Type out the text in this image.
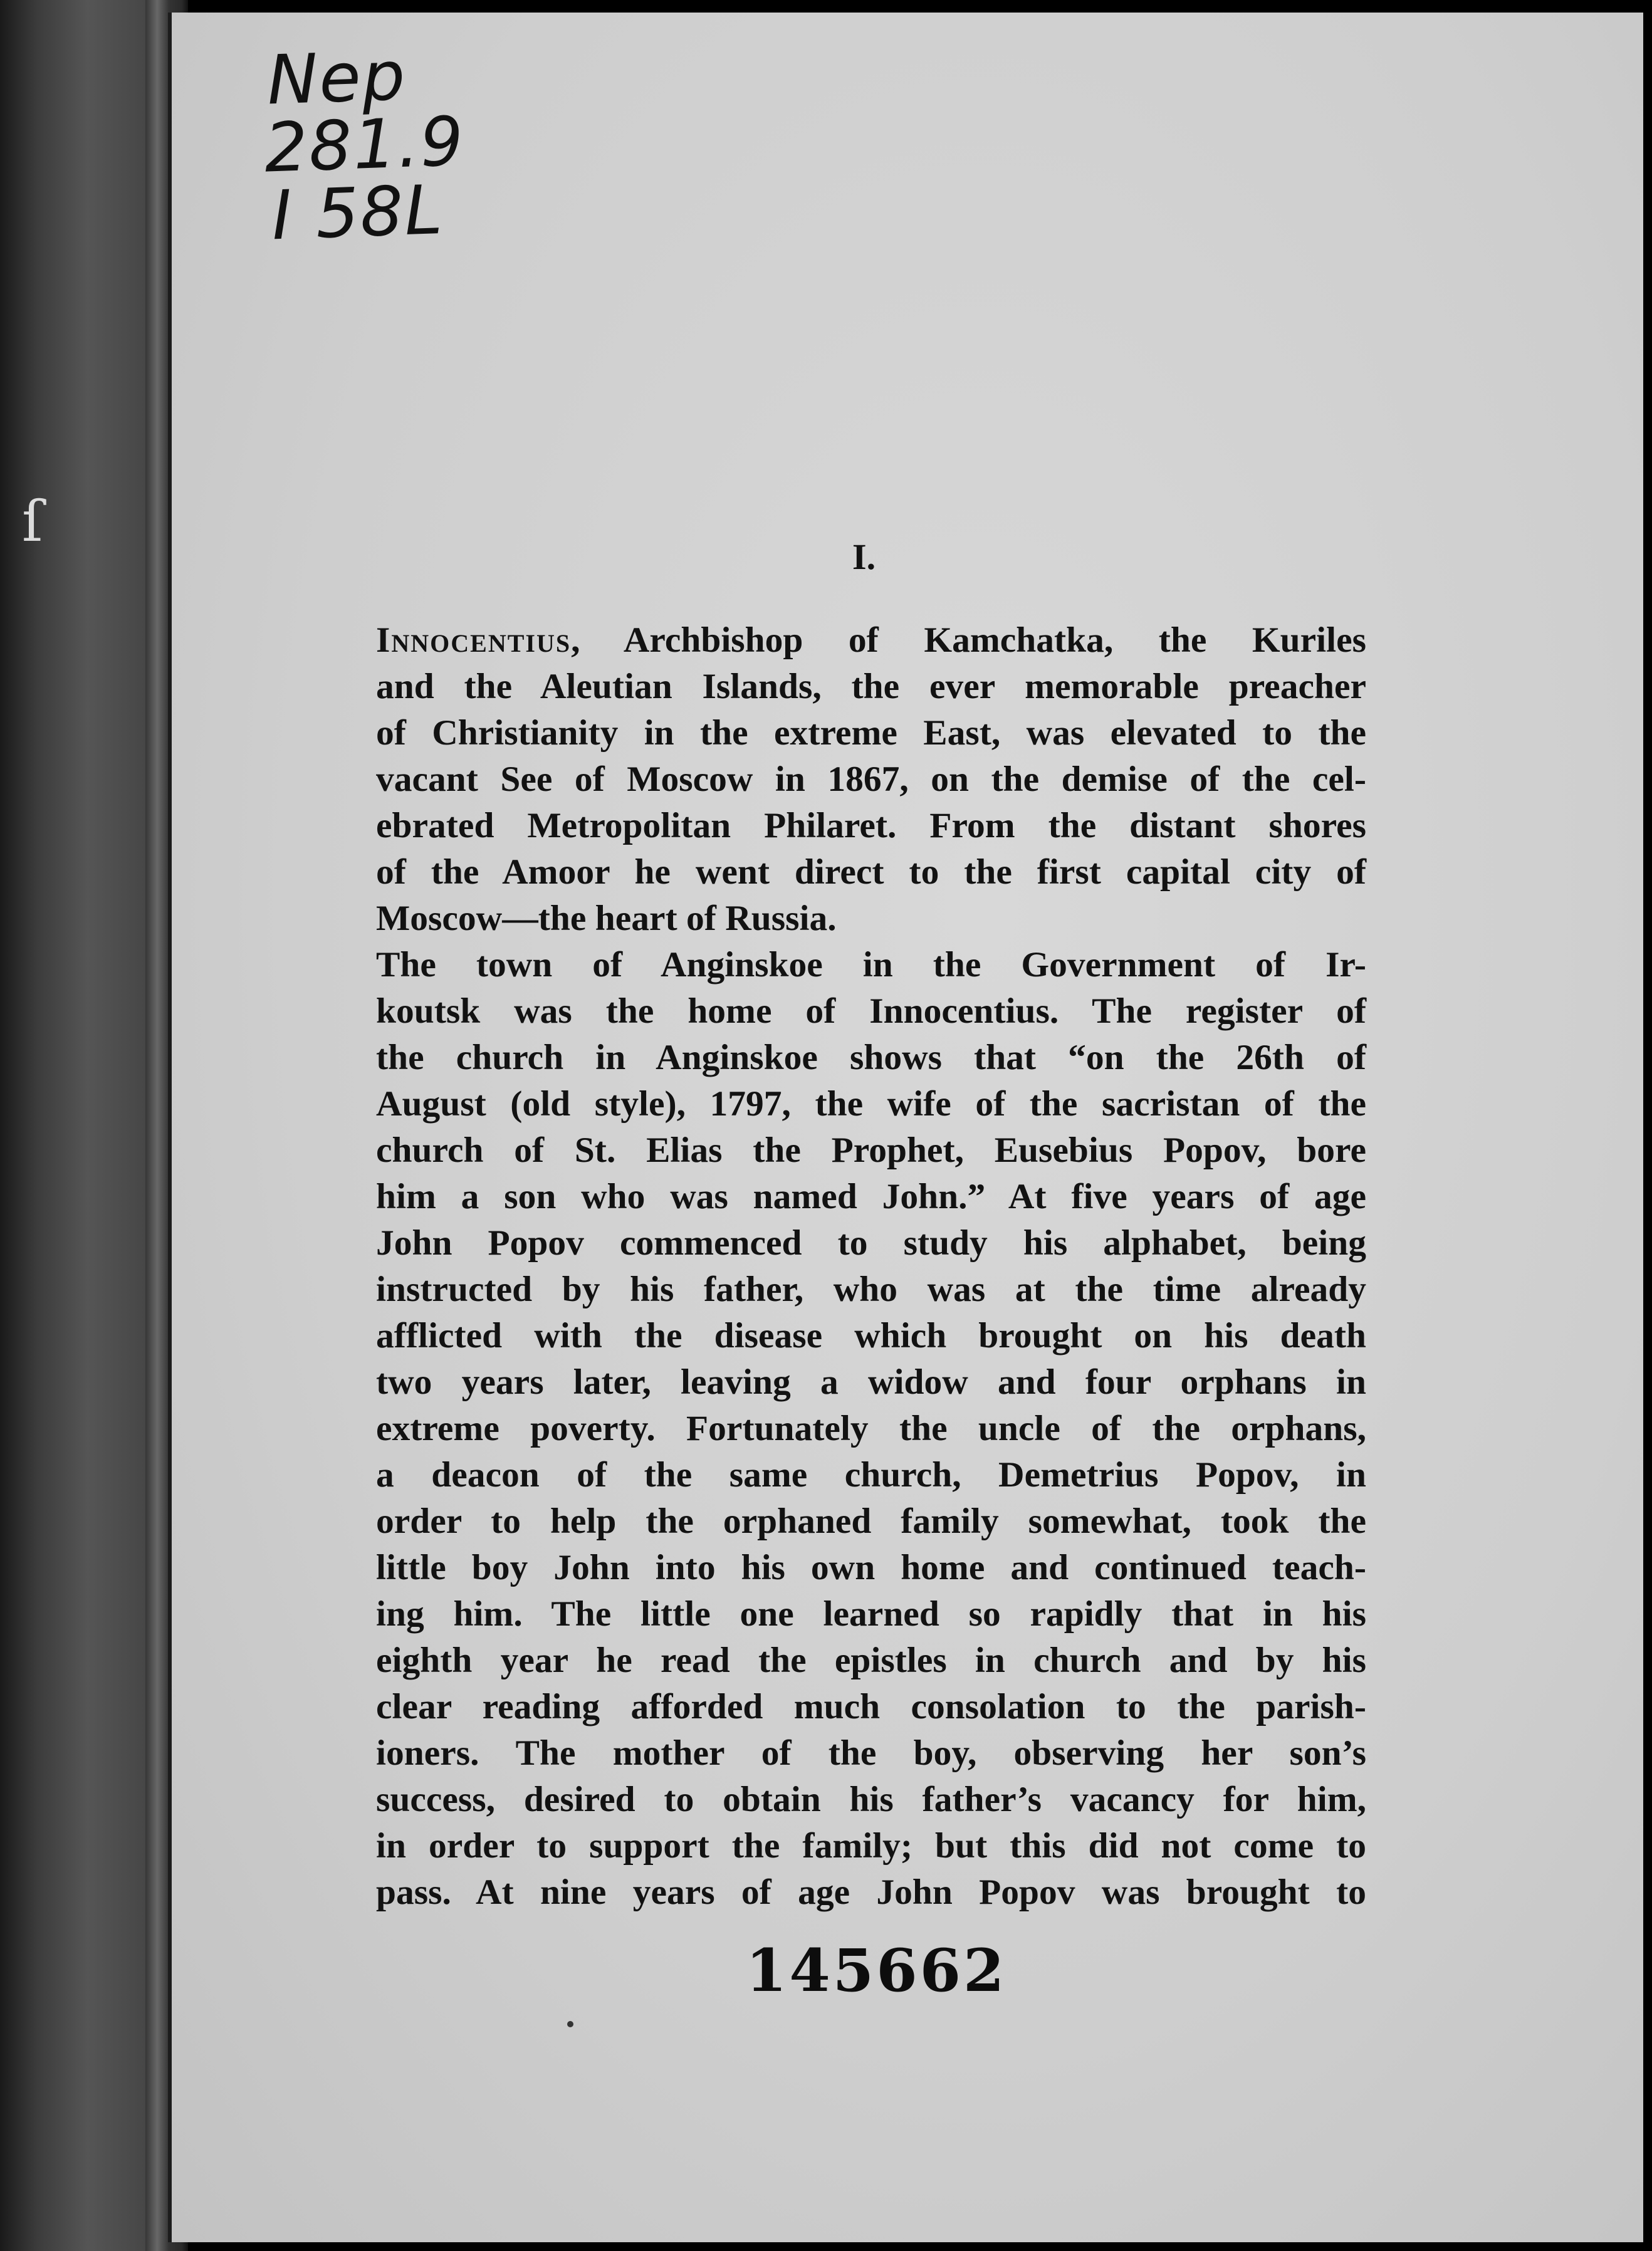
ſ
Nep
281.9
I 58L
I.
Innocentius, Archbishop of Kamchatka, the Kuriles
and the Aleutian Islands, the ever memorable preacher
of Christianity in the extreme East, was elevated to the
vacant See of Moscow in 1867, on the demise of the cel-
ebrated Metropolitan Philaret. From the distant shores
of the Amoor he went direct to the first capital city of
Moscow—the heart of Russia.
The town of Anginskoe in the Government of Ir-
koutsk was the home of Innocentius. The register of
the church in Anginskoe shows that “on the 26th of
August (old style), 1797, the wife of the sacristan of the
church of St. Elias the Prophet, Eusebius Popov, bore
him a son who was named John.” At five years of age
John Popov commenced to study his alphabet, being
instructed by his father, who was at the time already
afflicted with the disease which brought on his death
two years later, leaving a widow and four orphans in
extreme poverty. Fortunately the uncle of the orphans,
a deacon of the same church, Demetrius Popov, in
order to help the orphaned family somewhat, took the
little boy John into his own home and continued teach-
ing him. The little one learned so rapidly that in his
eighth year he read the epistles in church and by his
clear reading afforded much consolation to the parish-
ioners. The mother of the boy, observing her son’s
success, desired to obtain his father’s vacancy for him,
in order to support the family; but this did not come to
pass. At nine years of age John Popov was brought to
145662
